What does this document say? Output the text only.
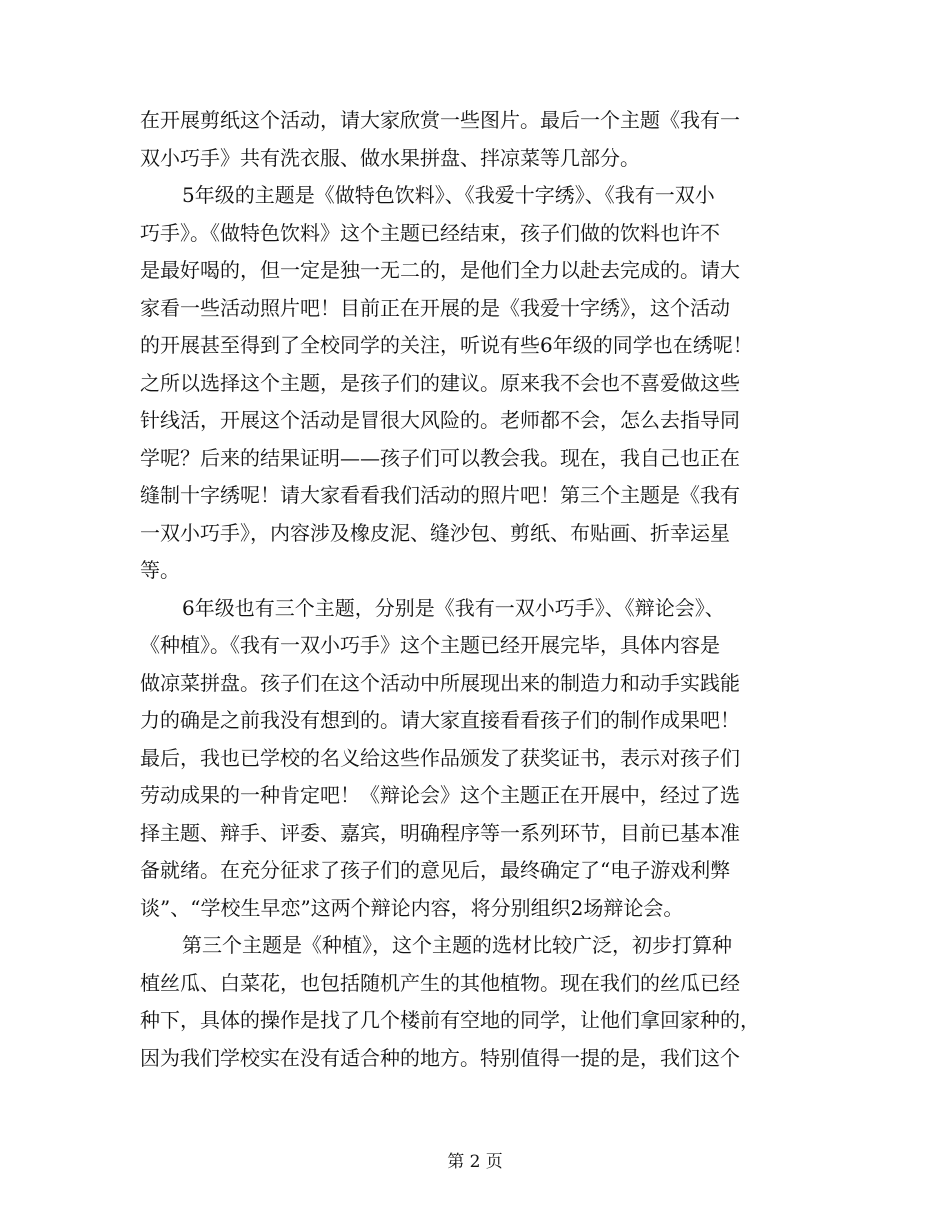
在开展剪纸这个活动，请大家欣赏一些图片。最后一个主题《我有一
双小巧手》共有洗衣服、做水果拼盘、拌凉菜等几部分。
5年级的主题是《做特色饮料》、《我爱十字绣》、《我有一双小
巧手》。《做特色饮料》这个主题已经结束，孩子们做的饮料也许不
是最好喝的，但一定是独一无二的，是他们全力以赴去完成的。请大
家看一些活动照片吧！目前正在开展的是《我爱十字绣》，这个活动
的开展甚至得到了全校同学的关注，听说有些6年级的同学也在绣呢！
之所以选择这个主题，是孩子们的建议。原来我不会也不喜爱做这些
针线活，开展这个活动是冒很大风险的。老师都不会，怎么去指导同
学呢？后来的结果证明——孩子们可以教会我。现在，我自己也正在
缝制十字绣呢！请大家看看我们活动的照片吧！第三个主题是《我有
一双小巧手》，内容涉及橡皮泥、缝沙包、剪纸、布贴画、折幸运星
等。
6年级也有三个主题，分别是《我有一双小巧手》、《辩论会》、
《种植》。《我有一双小巧手》这个主题已经开展完毕，具体内容是
做凉菜拼盘。孩子们在这个活动中所展现出来的制造力和动手实践能
力的确是之前我没有想到的。请大家直接看看孩子们的制作成果吧！
最后，我也已学校的名义给这些作品颁发了获奖证书，表示对孩子们
劳动成果的一种肯定吧！《辩论会》这个主题正在开展中，经过了选
择主题、辩手、评委、嘉宾，明确程序等一系列环节，目前已基本准
备就绪。在充分征求了孩子们的意见后，最终确定了“电子游戏利弊
谈”、“学校生早恋”这两个辩论内容，将分别组织2场辩论会。
第三个主题是《种植》，这个主题的选材比较广泛，初步打算种
植丝瓜、白菜花，也包括随机产生的其他植物。现在我们的丝瓜已经
种下，具体的操作是找了几个楼前有空地的同学，让他们拿回家种的，
因为我们学校实在没有适合种的地方。特别值得一提的是，我们这个
第 2 页
